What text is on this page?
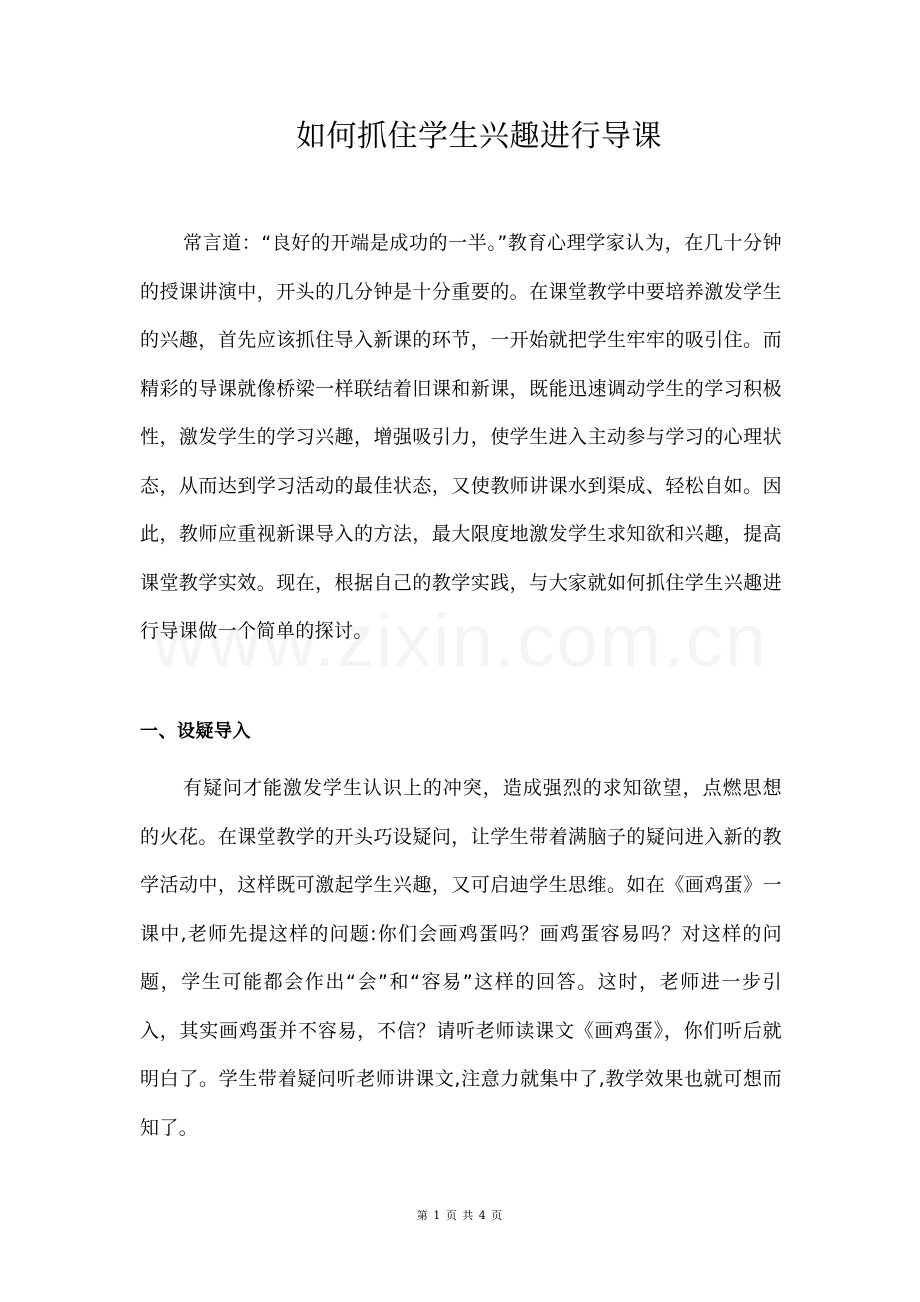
如何抓住学生兴趣进行导课

常言道：“良好的开端是成功的一半。”教育心理学家认为，在几十分钟的授课讲演中，开头的几分钟是十分重要的。在课堂教学中要培养激发学生的兴趣，首先应该抓住导入新课的环节，一开始就把学生牢牢的吸引住。而精彩的导课就像桥梁一样联结着旧课和新课，既能迅速调动学生的学习积极性，激发学生的学习兴趣，增强吸引力，使学生进入主动参与学习的心理状态，从而达到学习活动的最佳状态，又使教师讲课水到渠成、轻松自如。因此，教师应重视新课导入的方法，最大限度地激发学生求知欲和兴趣，提高课堂教学实效。现在，根据自己的教学实践，与大家就如何抓住学生兴趣进行导课做一个简单的探讨。

一、设疑导入

有疑问才能激发学生认识上的冲突，造成强烈的求知欲望，点燃思想的火花。在课堂教学的开头巧设疑问，让学生带着满脑子的疑问进入新的教学活动中，这样既可激起学生兴趣，又可启迪学生思维。如在《画鸡蛋》一课中,老师先提这样的问题:你们会画鸡蛋吗？画鸡蛋容易吗？对这样的问题，学生可能都会作出“会”和“容易”这样的回答。这时，老师进一步引入，其实画鸡蛋并不容易，不信？请听老师读课文《画鸡蛋》，你们听后就明白了。学生带着疑问听老师讲课文,注意力就集中了,教学效果也就可想而知了。

第 1 页 共 4 页
